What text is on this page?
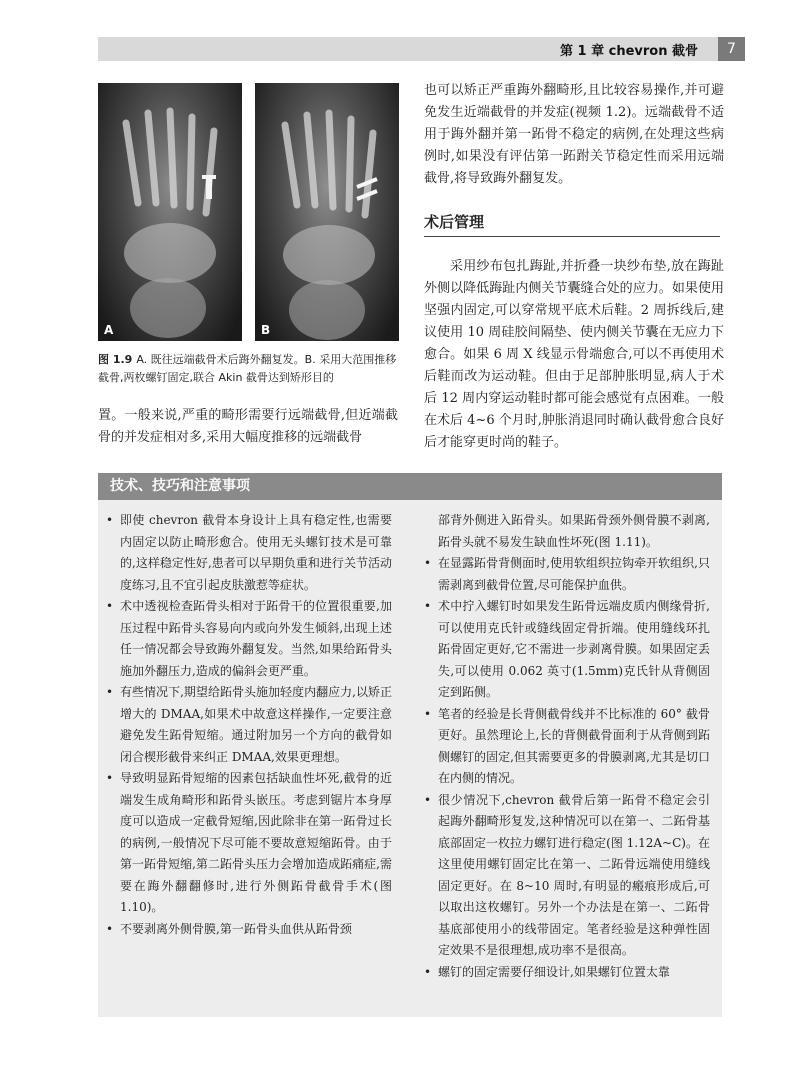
第 1 章 chevron 截骨	7
A	B
图 1.9 A. 既往远端截骨术后踇外翻复发。B. 采用大范围推移截骨,两枚螺钉固定,联合 Akin 截骨达到矫形目的

置。一般来说,严重的畸形需要行远端截骨,但近端截骨的并发症相对多,采用大幅度推移的远端截骨

也可以矫正严重踇外翻畸形,且比较容易操作,并可避免发生近端截骨的并发症(视频 1.2)。远端截骨不适用于踇外翻并第一跖骨不稳定的病例,在处理这些病例时,如果没有评估第一跖跗关节稳定性而采用远端截骨,将导致踇外翻复发。

术后管理

采用纱布包扎踇趾,并折叠一块纱布垫,放在踇趾外侧以降低踇趾内侧关节囊缝合处的应力。如果使用坚强内固定,可以穿常规平底术后鞋。2 周拆线后,建议使用 10 周硅胶间隔垫、使内侧关节囊在无应力下愈合。如果 6 周 X 线显示骨端愈合,可以不再使用术后鞋而改为运动鞋。但由于足部肿胀明显,病人于术后 12 周内穿运动鞋时都可能会感觉有点困难。一般在术后 4~6 个月时,肿胀消退同时确认截骨愈合良好后才能穿更时尚的鞋子。

技术、技巧和注意事项

• 即使 chevron 截骨本身设计上具有稳定性,也需要内固定以防止畸形愈合。使用无头螺钉技术是可靠的,这样稳定性好,患者可以早期负重和进行关节活动度练习,且不宜引起皮肤激惹等症状。

• 术中透视检查跖骨头相对于跖骨干的位置很重要,加压过程中跖骨头容易向内或向外发生倾斜,出现上述任一情况都会导致踇外翻复发。当然,如果给跖骨头施加外翻压力,造成的偏斜会更严重。

• 有些情况下,期望给跖骨头施加轻度内翻应力,以矫正增大的 DMAA,如果术中故意这样操作,一定要注意避免发生跖骨短缩。通过附加另一个方向的截骨如闭合楔形截骨来纠正 DMAA,效果更理想。

• 导致明显跖骨短缩的因素包括缺血性坏死,截骨的近端发生成角畸形和跖骨头嵌压。考虑到锯片本身厚度可以造成一定截骨短缩,因此除非在第一跖骨过长的病例,一般情况下尽可能不要故意短缩跖骨。由于第一跖骨短缩,第二跖骨头压力会增加造成跖痛症,需要在踇外翻翻修时,进行外侧跖骨截骨手术(图 1.10)。

• 不要剥离外侧骨膜,第一跖骨头血供从跖骨颈

部背外侧进入跖骨头。如果跖骨颈外侧骨膜不剥离,跖骨头就不易发生缺血性坏死(图 1.11)。

• 在显露跖骨背侧面时,使用软组织拉钩牵开软组织,只需剥离到截骨位置,尽可能保护血供。

• 术中拧入螺钉时如果发生跖骨远端皮质内侧缘骨折,可以使用克氏针或缝线固定骨折端。使用缝线环扎跖骨固定更好,它不需进一步剥离骨膜。如果固定丢失,可以使用 0.062 英寸(1.5mm)克氏针从背侧固定到跖侧。

• 笔者的经验是长背侧截骨线并不比标准的 60° 截骨更好。虽然理论上,长的背侧截骨面利于从背侧到跖侧螺钉的固定,但其需要更多的骨膜剥离,尤其是切口在内侧的情况。

• 很少情况下,chevron 截骨后第一跖骨不稳定会引起踇外翻畸形复发,这种情况可以在第一、二跖骨基底部固定一枚拉力螺钉进行稳定(图 1.12A~C)。在这里使用螺钉固定比在第一、二跖骨远端使用缝线固定更好。在 8~10 周时,有明显的瘢痕形成后,可以取出这枚螺钉。另外一个办法是在第一、二跖骨基底部使用小的线带固定。笔者经验是这种弹性固定效果不是很理想,成功率不是很高。

• 螺钉的固定需要仔细设计,如果螺钉位置太靠
